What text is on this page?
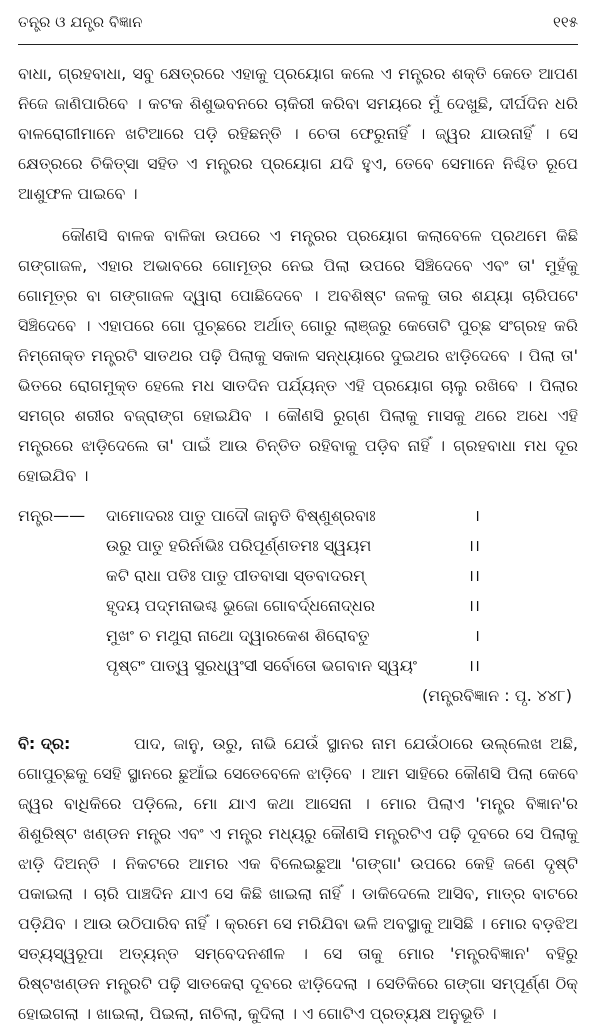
ତନ୍ତ୍ର ଓ ଯନ୍ତ୍ର ବିଜ୍ଞାନ	୧୧୫

ବାଧା, ଗ୍ରହବାଧା, ସବୁ କ୍ଷେତ୍ରରେ ଏହାକୁ ପ୍ରୟୋଗ କଲେ ଏ ମନ୍ତ୍ରର ଶକ୍ତି କେତେ ଆପଣ ନିଜେ ଜାଣିପାରିବେ । କଟକ ଶିଶୁଭବନରେ ଚାକିରୀ କରିବା ସମୟରେ ମୁଁ ଦେଖୁଛି, ଦୀର୍ଘଦିନ ଧରି ବାଳରୋଗୀମାନେ ଖଟିଆରେ ପଡ଼ି ରହିଛନ୍ତି । ଚେତା ଫେରୁନାହିଁ । ଜ୍ୱର ଯାଉନାହିଁ । ସେ କ୍ଷେତ୍ରରେ ଚିକିତ୍ସା ସହିତ ଏ ମନ୍ତ୍ରର ପ୍ରୟୋଗ ଯଦି ହୁଏ, ତେବେ ସେମାନେ ନିଶ୍ଚିତ ରୂପେ ଆଶୁଫଳ ପାଇବେ ।

କୌଣସି ବାଳକ ବାଳିକା ଉପରେ ଏ ମନ୍ତ୍ରର ପ୍ରୟୋଗ କଲାବେଳେ ପ୍ରଥମେ କିଛି ଗଙ୍ଗାଜଳ, ଏହାର ଅଭାବରେ ଗୋମୂତ୍ର ନେଇ ପିଲା ଉପରେ ସିଞ୍ଚିଦେବେ ଏବଂ ତା' ମୁହଁକୁ ଗୋମୂତ୍ର ବା ଗଙ୍ଗାଜଳ ଦ୍ୱାରା ପୋଛିଦେବେ । ଅବଶିଷ୍ଟ ଜଳକୁ ତାର ଶଯ୍ୟା ଚାରିପଟେ ସିଞ୍ଚିଦେବେ । ଏହାପରେ ଗୋ ପୁଚ୍ଛରେ ଅର୍ଥାତ୍ ଗୋରୁ ଲାଞ୍ଜରୁ କେତୋଟି ପୁଚ୍ଛ ସଂଗ୍ରହ କରି ନିମ୍ନୋକ୍ତ ମନ୍ତ୍ରଟି ସାତଥର ପଢ଼ି ପିଲାକୁ ସକାଳ ସନ୍ଧ୍ୟାରେ ଦୁଇଥର ଝାଡ଼ିଦେବେ । ପିଲା ତା' ଭିତରେ ରୋଗମୁକ୍ତ ହେଲେ ମଧ ସାତଦିନ ପର୍ଯ୍ୟନ୍ତ ଏହି ପ୍ରୟୋଗ ଚାଲୁ ରଖିବେ । ପିଲାର ସମଗ୍ର ଶରୀର ବଜ୍ରାଙ୍ଗ ହୋଇଯିବ । କୌଣସି ରୁଗ୍ଣ ପିଲାକୁ ମାସକୁ ଥରେ ଅଧେ ଏହି ମନ୍ତ୍ରରେ ଝାଡ଼ିଦେଲେ ତା' ପାଇଁ ଆଉ ଚିନ୍ତିତ ରହିବାକୁ ପଡ଼ିବ ନାହିଁ । ଗ୍ରହବାଧା ମଧ ଦୂର ହୋଇଯିବ ।

ମନ୍ତ୍ର——	ଦାମୋଦରଃ ପାତୁ ପାଦୌ ଜାନୁତି ବିଷ୍ଣୁଶ୍ରବାଃ	।
ଉରୁ ପାତୁ ହରିର୍ନାଭିଃ ପରିପୂର୍ଣ୍ଣତମଃ ସ୍ୱୟମ	।।
କଟି ରାଧା ପତିଃ ପାତୁ ପୀତବାସା ସ୍ତବାଦରମ୍	।।
ହୃଦୟ ପଦ୍ମନାଭଶ୍ଚ ଭୁଜୋ ଗୋବର୍ଦ୍ଧନୋଦ୍ଧର	।।
ମୁଖଂ ଚ ମଥୁରା ନାଥୋ ଦ୍ୱାରକେଶ ଶିରୋବତୁ	।
ପୃଷ୍ଟଂ ପାତ୍ୱ ସୁରଧ୍ୱଂସୀ ସର୍ବୋତୋ ଭଗବାନ ସ୍ୱୟଂ	।।
(ମନ୍ତ୍ରବିଜ୍ଞାନ : ପୃ. ୪୪୮)
ବି: ଦ୍ର:	ପାଦ, ଜାନୁ, ଉରୁ, ନାଭି ଯେଉଁ ସ୍ଥାନର ନାମ ଯେଉଁଠାରେ ଉଲ୍ଲେଖ ଅଛି, ଗୋପୁଚ୍ଛକୁ ସେହି ସ୍ଥାନରେ ଛୁଆଁଇ ସେତେବେଳେ ଝାଡ଼ିବେ । ଆମ ସାହିରେ କୌଣସି ପିଲା କେବେ ଜ୍ୱର ବାଧିକିରେ ପଡ଼ିଲେ, ମୋ ଯାଏ କଥା ଆସେନା । ମୋର ପିଲାଏ 'ମନ୍ତ୍ର ବିଜ୍ଞାନ'ର ଶିଶୁରିଷ୍ଟ ଖଣ୍ଡନ ମନ୍ତ୍ର ଏବଂ ଏ ମନ୍ତ୍ର ମଧ୍ୟରୁ କୌଣସି ମନ୍ତ୍ରଟିଏ ପଢ଼ି ଦୂବରେ ସେ ପିଲାକୁ ଝାଡ଼ି ଦିଅନ୍ତି । ନିକଟରେ ଆମର ଏକ ବିଲେଇଛୁଆ 'ଗଙ୍ଗା' ଉପରେ କେହି ଜଣେ ଦୃଷ୍ଟି ପକାଇଲା । ଚାରି ପାଞ୍ଚଦିନ ଯାଏ ସେ କିଛି ଖାଇଲା ନାହିଁ । ଡାକିଦେଲେ ଆସିବ, ମାତ୍ର ବାଟରେ ପଡ଼ିଯିବ । ଆଉ ଉଠିପାରିବ ନାହିଁ । କ୍ରମେ ସେ ମରିଯିବା ଭଳି ଅବସ୍ଥାକୁ ଆସିଛି । ମୋର ବଡ଼ଝିଅ ସତ୍ୟସ୍ୱରୂପା ଅତ୍ୟନ୍ତ ସମ୍ବେଦନଶୀଳ । ସେ ତାକୁ ମୋର 'ମନ୍ତ୍ରବିଜ୍ଞାନ' ବହିରୁ ରିଷ୍ଟଖଣ୍ଡନ ମନ୍ତ୍ରଟି ପଢ଼ି ସାତକେରା ଦୂବରେ ଝାଡ଼ିଦେଲା । ସେତିକିରେ ଗଙ୍ଗା ସମ୍ପୂର୍ଣ୍ଣ ଠିକ୍ ହୋଇଗଲା । ଖାଇଲା, ପିଇଲା, ନାଚିଲା, କୁଦିଲା । ଏ ଗୋଟିଏ ପ୍ରତ୍ୟକ୍ଷ ଅନୁଭୂତି ।
